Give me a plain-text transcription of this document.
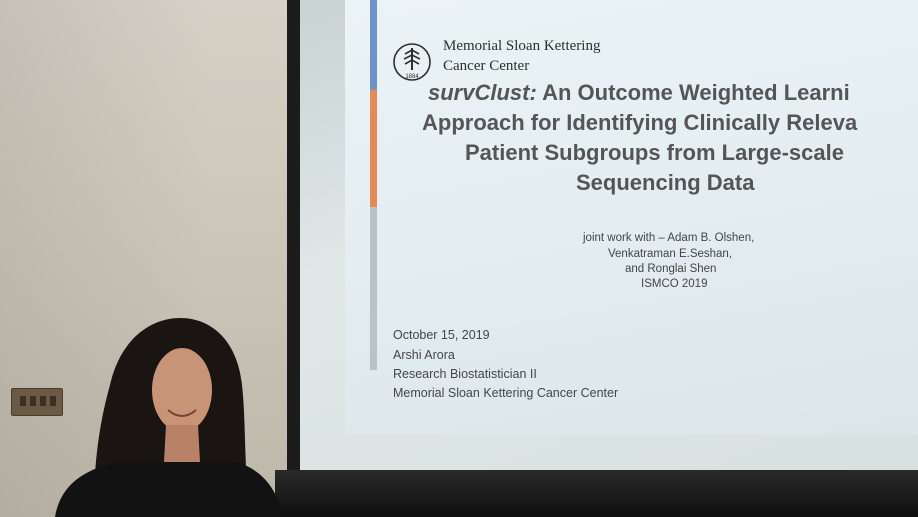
1884
Memorial Sloan Kettering
Cancer Center
survClust: An Outcome Weighted Learni
Approach for Identifying Clinically Releva
Patient Subgroups from Large-scale
Sequencing Data
joint work with – Adam B. Olshen,
Venkatraman E.Seshan,
and Ronglai Shen
ISMCO 2019
October 15, 2019
Arshi Arora
Research Biostatistician II
Memorial Sloan Kettering Cancer Center
